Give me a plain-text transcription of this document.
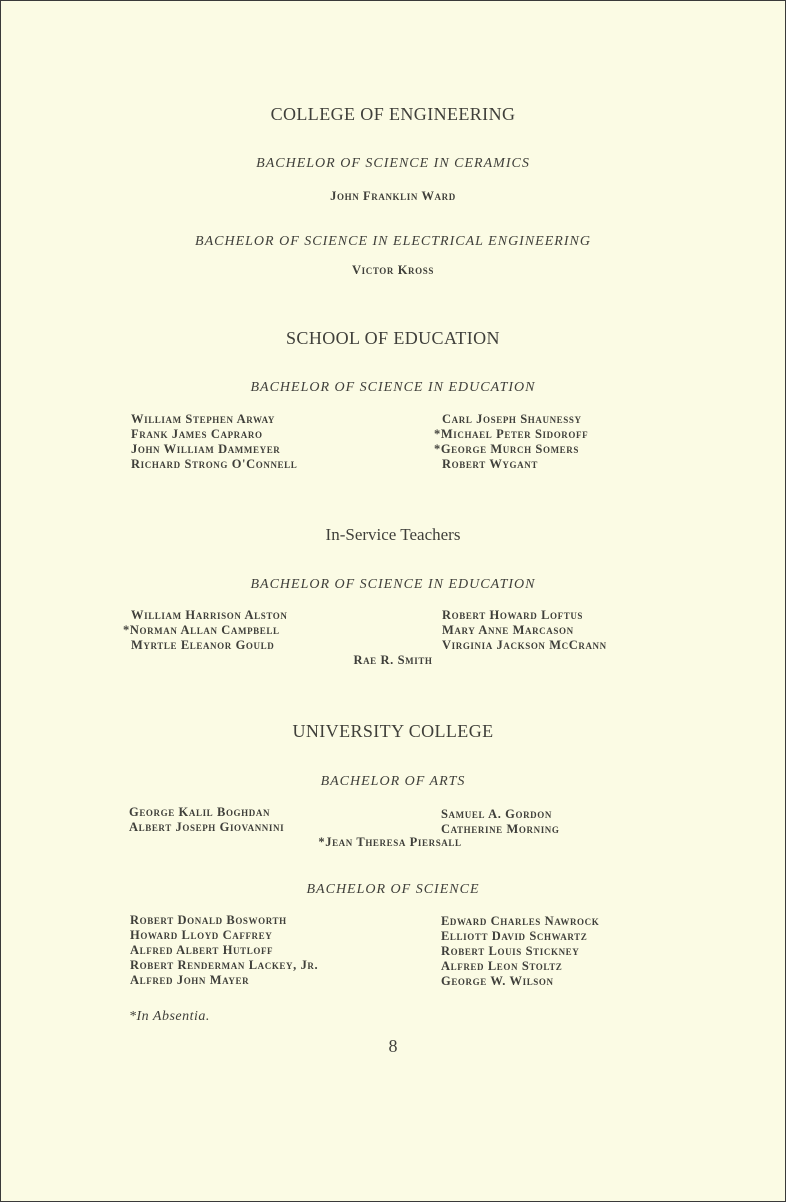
COLLEGE OF ENGINEERING
BACHELOR OF SCIENCE IN CERAMICS
John Franklin Ward
BACHELOR OF SCIENCE IN ELECTRICAL ENGINEERING
Victor Kross
SCHOOL OF EDUCATION
BACHELOR OF SCIENCE IN EDUCATION
William Stephen Arway
Frank James Capraro
John William Dammeyer
Richard Strong O'Connell
Carl Joseph Shaunessy
*Michael Peter Sidoroff
*George Murch Somers
Robert Wygant
In-Service Teachers
BACHELOR OF SCIENCE IN EDUCATION
William Harrison Alston
*Norman Allan Campbell
Myrtle Eleanor Gould
Robert Howard Loftus
Mary Anne Marcason
Virginia Jackson McCrann
Rae R. Smith
UNIVERSITY COLLEGE
BACHELOR OF ARTS
George Kalil Boghdan
Albert Joseph Giovannini
Samuel A. Gordon
Catherine Morning
*Jean Theresa Piersall
BACHELOR OF SCIENCE
Robert Donald Bosworth
Howard Lloyd Caffrey
Alfred Albert Hutloff
Robert Renderman Lackey, Jr.
Alfred John Mayer
Edward Charles Nawrock
Elliott David Schwartz
Robert Louis Stickney
Alfred Leon Stoltz
George W. Wilson
*In Absentia.
8
